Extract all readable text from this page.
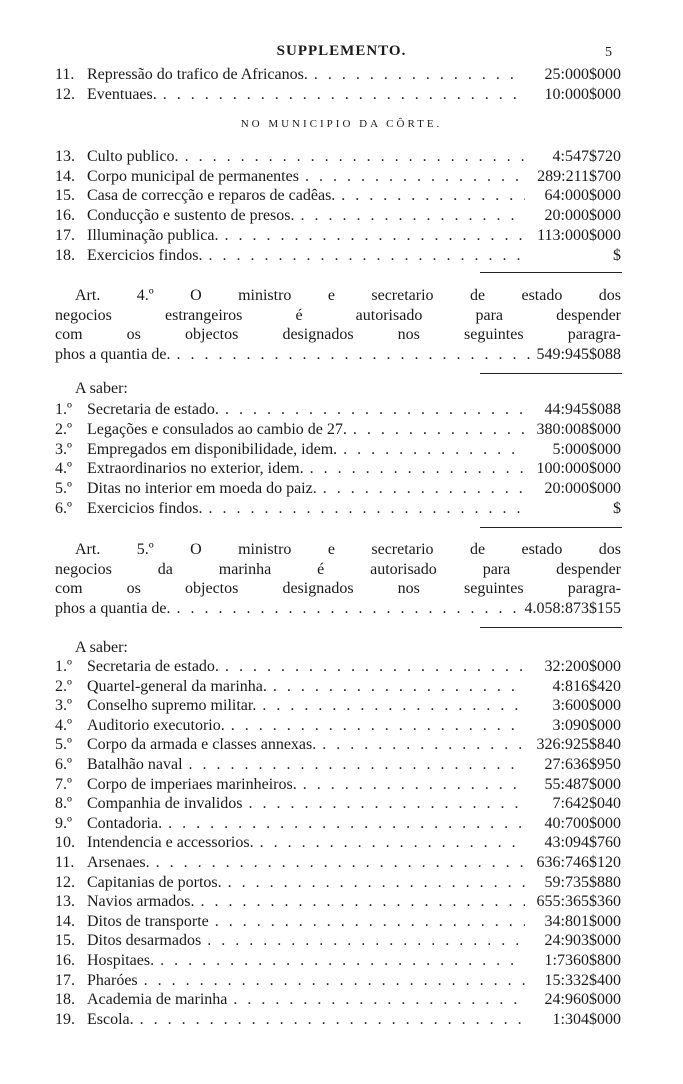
SUPPLEMENTO.	5
NO MUNICIPIO DA CÔRTE.
Art. 4.º O ministro e secretario de estado dos
negocios estrangeiros é autorisado para despender
com os objectos designados nos seguintes paragra-
phos a quantia de. . . .	549:945$088
A saber:
Art. 5.º O ministro e secretario de estado dos
negocios da marinha é autorisado para despender
com os objectos designados nos seguintes paragra-
phos a quantia de. . . .	4.058:873$155
A saber:
11. Repressão do trafico de Africanos. . . .	25:000$000
12. Eventuaes. . . .	10:000$000
13. Culto publico. . . .	4:547$720
14. Corpo municipal de permanentes . . .	289:211$700
15. Casa de correcção e reparos de cadêas. . . .	64:000$000
16. Conducção e sustento de presos. . . .	20:000$000
17. Illuminação publica. . . .	113:000$000
18. Exercicios findos. . . .	$
1.º Secretaria de estado. . . .	44:945$088
2.º Legações e consulados ao cambio de 27. . . .	380:008$000
3.º Empregados em disponibilidade, idem. . . .	5:000$000
4.º Extraordinarios no exterior, idem. . . .	100:000$000
5.º Ditas no interior em moeda do paiz. . . .	20:000$000
6.º Exercicios findos. . . .	$
1.º Secretaria de estado. . . .	32:200$000
2.º Quartel-general da marinha. . . .	4:816$420
3.º Conselho supremo militar. . . .	3:600$000
4.º Auditorio executorio. . . .	3:090$000
5.º Corpo da armada e classes annexas. . . .	326:925$840
6.º Batalhão naval . . .	27:636$950
7.º Corpo de imperiaes marinheiros. . . .	55:487$000
8.º Companhia de invalidos . . .	7:642$040
9.º Contadoria. . . .	40:700$000
10. Intendencia e accessorios. . . .	43:094$760
11. Arsenaes. . . .	636:746$120
12. Capitanias de portos. . . .	59:735$880
13. Navios armados. . . .	655:365$360
14. Ditos de transporte . . .	34:801$000
15. Ditos desarmados . . .	24:903$000
16. Hospitaes. . . .	1:7360$800
17. Pharóes . . .	15:332$400
18. Academia de marinha . . .	24:960$000
19. Escola. . . .	1:304$000
